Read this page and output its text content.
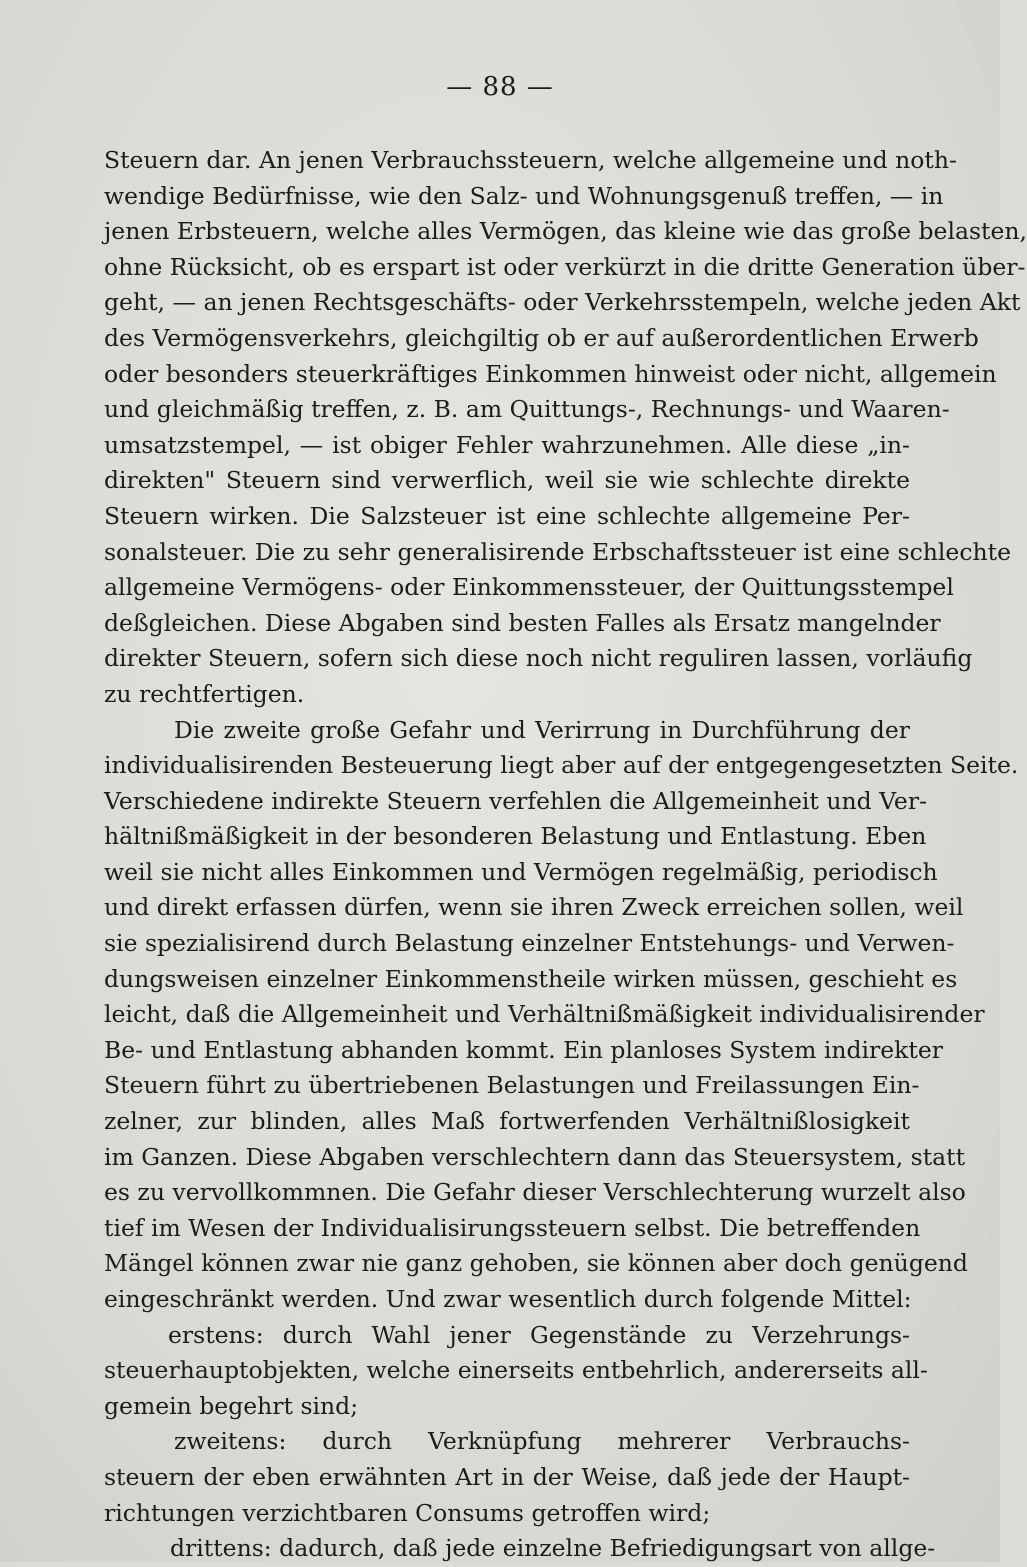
— 88 —
Steuern dar. An jenen Verbrauchssteuern, welche allgemeine und noth-
wendige Bedürfnisse, wie den Salz- und Wohnungsgenuß treffen, — in
jenen Erbsteuern, welche alles Vermögen, das kleine wie das große belasten,
ohne Rücksicht, ob es erspart ist oder verkürzt in die dritte Generation über-
geht, — an jenen Rechtsgeschäfts- oder Verkehrsstempeln, welche jeden Akt
des Vermögensverkehrs, gleichgiltig ob er auf außerordentlichen Erwerb
oder besonders steuerkräftiges Einkommen hinweist oder nicht, allgemein
und gleichmäßig treffen, z. B. am Quittungs-, Rechnungs- und Waaren-
umsatzstempel, — ist obiger Fehler wahrzunehmen. Alle diese „in-
direkten" Steuern sind verwerflich, weil sie wie schlechte direkte
Steuern wirken. Die Salzsteuer ist eine schlechte allgemeine Per-
sonalsteuer. Die zu sehr generalisirende Erbschaftssteuer ist eine schlechte
allgemeine Vermögens- oder Einkommenssteuer, der Quittungsstempel
deßgleichen. Diese Abgaben sind besten Falles als Ersatz mangelnder
direkter Steuern, sofern sich diese noch nicht reguliren lassen, vorläufig
zu rechtfertigen.
Die zweite große Gefahr und Verirrung in Durchführung der
individualisirenden Besteuerung liegt aber auf der entgegengesetzten Seite.
Verschiedene indirekte Steuern verfehlen die Allgemeinheit und Ver-
hältnißmäßigkeit in der besonderen Belastung und Entlastung. Eben
weil sie nicht alles Einkommen und Vermögen regelmäßig, periodisch
und direkt erfassen dürfen, wenn sie ihren Zweck erreichen sollen, weil
sie spezialisirend durch Belastung einzelner Entstehungs- und Verwen-
dungsweisen einzelner Einkommenstheile wirken müssen, geschieht es
leicht, daß die Allgemeinheit und Verhältnißmäßigkeit individualisirender
Be- und Entlastung abhanden kommt. Ein planloses System indirekter
Steuern führt zu übertriebenen Belastungen und Freilassungen Ein-
zelner, zur blinden, alles Maß fortwerfenden Verhältnißlosigkeit
im Ganzen. Diese Abgaben verschlechtern dann das Steuersystem, statt
es zu vervollkommnen. Die Gefahr dieser Verschlechterung wurzelt also
tief im Wesen der Individualisirungssteuern selbst. Die betreffenden
Mängel können zwar nie ganz gehoben, sie können aber doch genügend
eingeschränkt werden. Und zwar wesentlich durch folgende Mittel:
erstens: durch Wahl jener Gegenstände zu Verzehrungs-
steuerhauptobjekten, welche einerseits entbehrlich, andererseits all-
gemein begehrt sind;
zweitens: durch Verknüpfung mehrerer Verbrauchs-
steuern der eben erwähnten Art in der Weise, daß jede der Haupt-
richtungen verzichtbaren Consums getroffen wird;
drittens: dadurch, daß jede einzelne Befriedigungsart von allge-
